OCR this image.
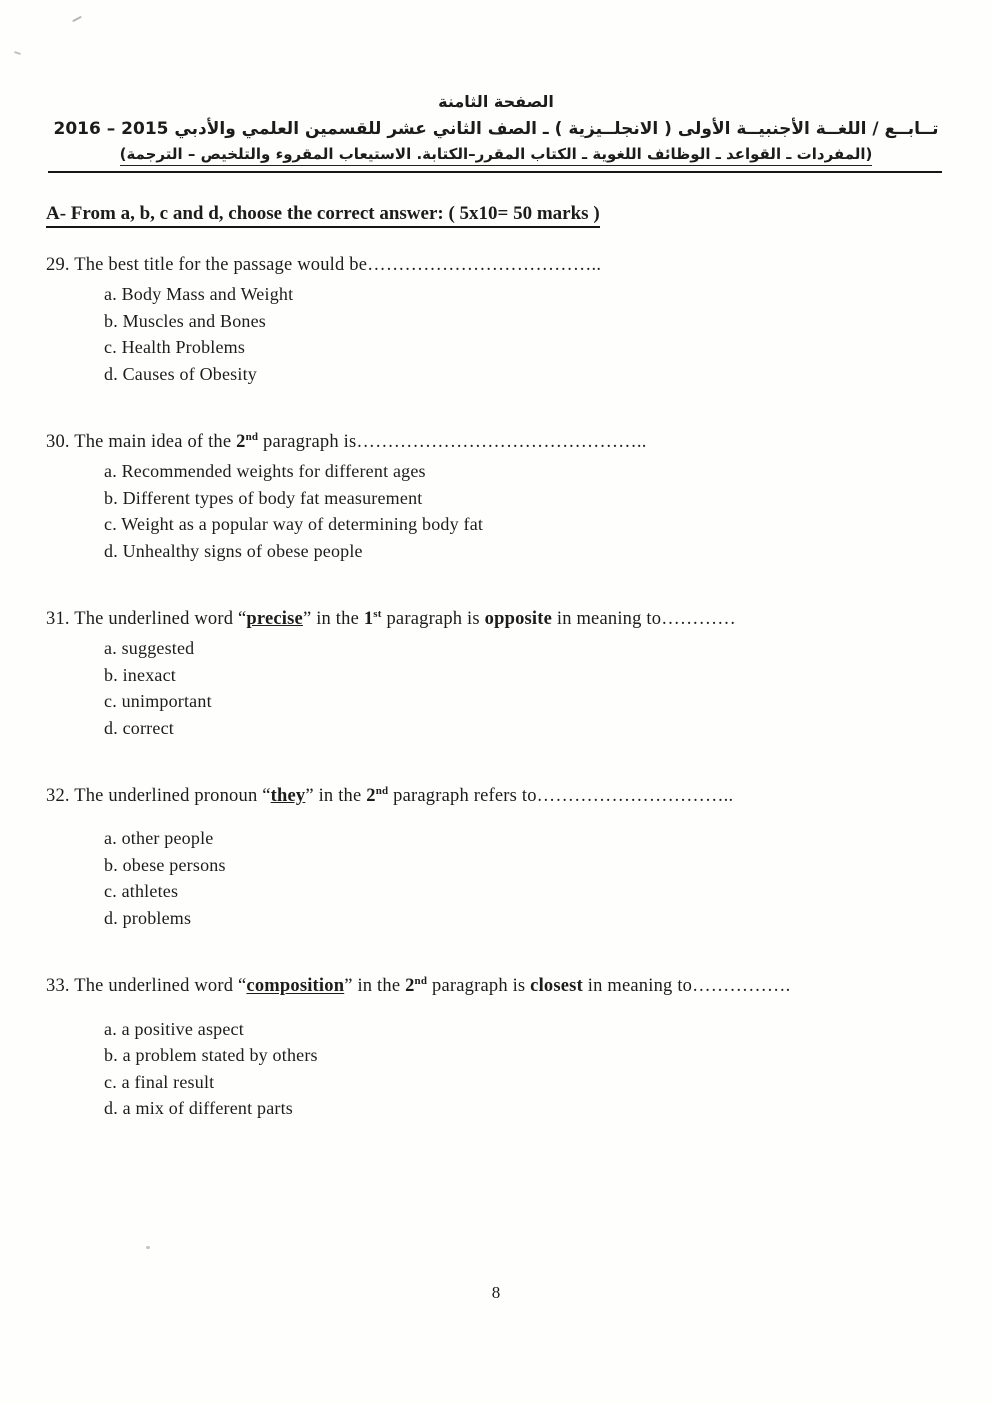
الصفحة الثامنة
تــابــع / اللغــة الأجنبيــة الأولى ( الانجلــيزية ) ـ الصف الثاني عشر للقسمين العلمي والأدبي 2015 – 2016
(المفردات ـ القواعد ـ الوظائف اللغوية ـ الكتاب المقرر–الكتابة. الاستيعاب المقروء والتلخيص – الترجمة)
A- From a, b, c and d, choose the correct answer: ( 5x10= 50 marks )
29. The best title for the passage would be………………………………..
a. Body Mass and Weight
b. Muscles and Bones
c. Health Problems
d. Causes of Obesity
30. The main idea of the 2nd paragraph is………………………………………..
a. Recommended weights for different ages
b. Different types of body fat measurement
c. Weight as a popular way of determining body fat
d. Unhealthy signs of obese people
31. The underlined word “precise” in the 1st paragraph is opposite in meaning to…………
a. suggested
b. inexact
c. unimportant
d. correct
32. The underlined pronoun “they” in the 2nd paragraph refers to…………………………..
a. other people
b. obese persons
c. athletes
d. problems
33. The underlined word “composition” in the 2nd paragraph is closest in meaning to…………….
a. a positive aspect
b. a problem stated by others
c. a final result
d. a mix of different parts
8
